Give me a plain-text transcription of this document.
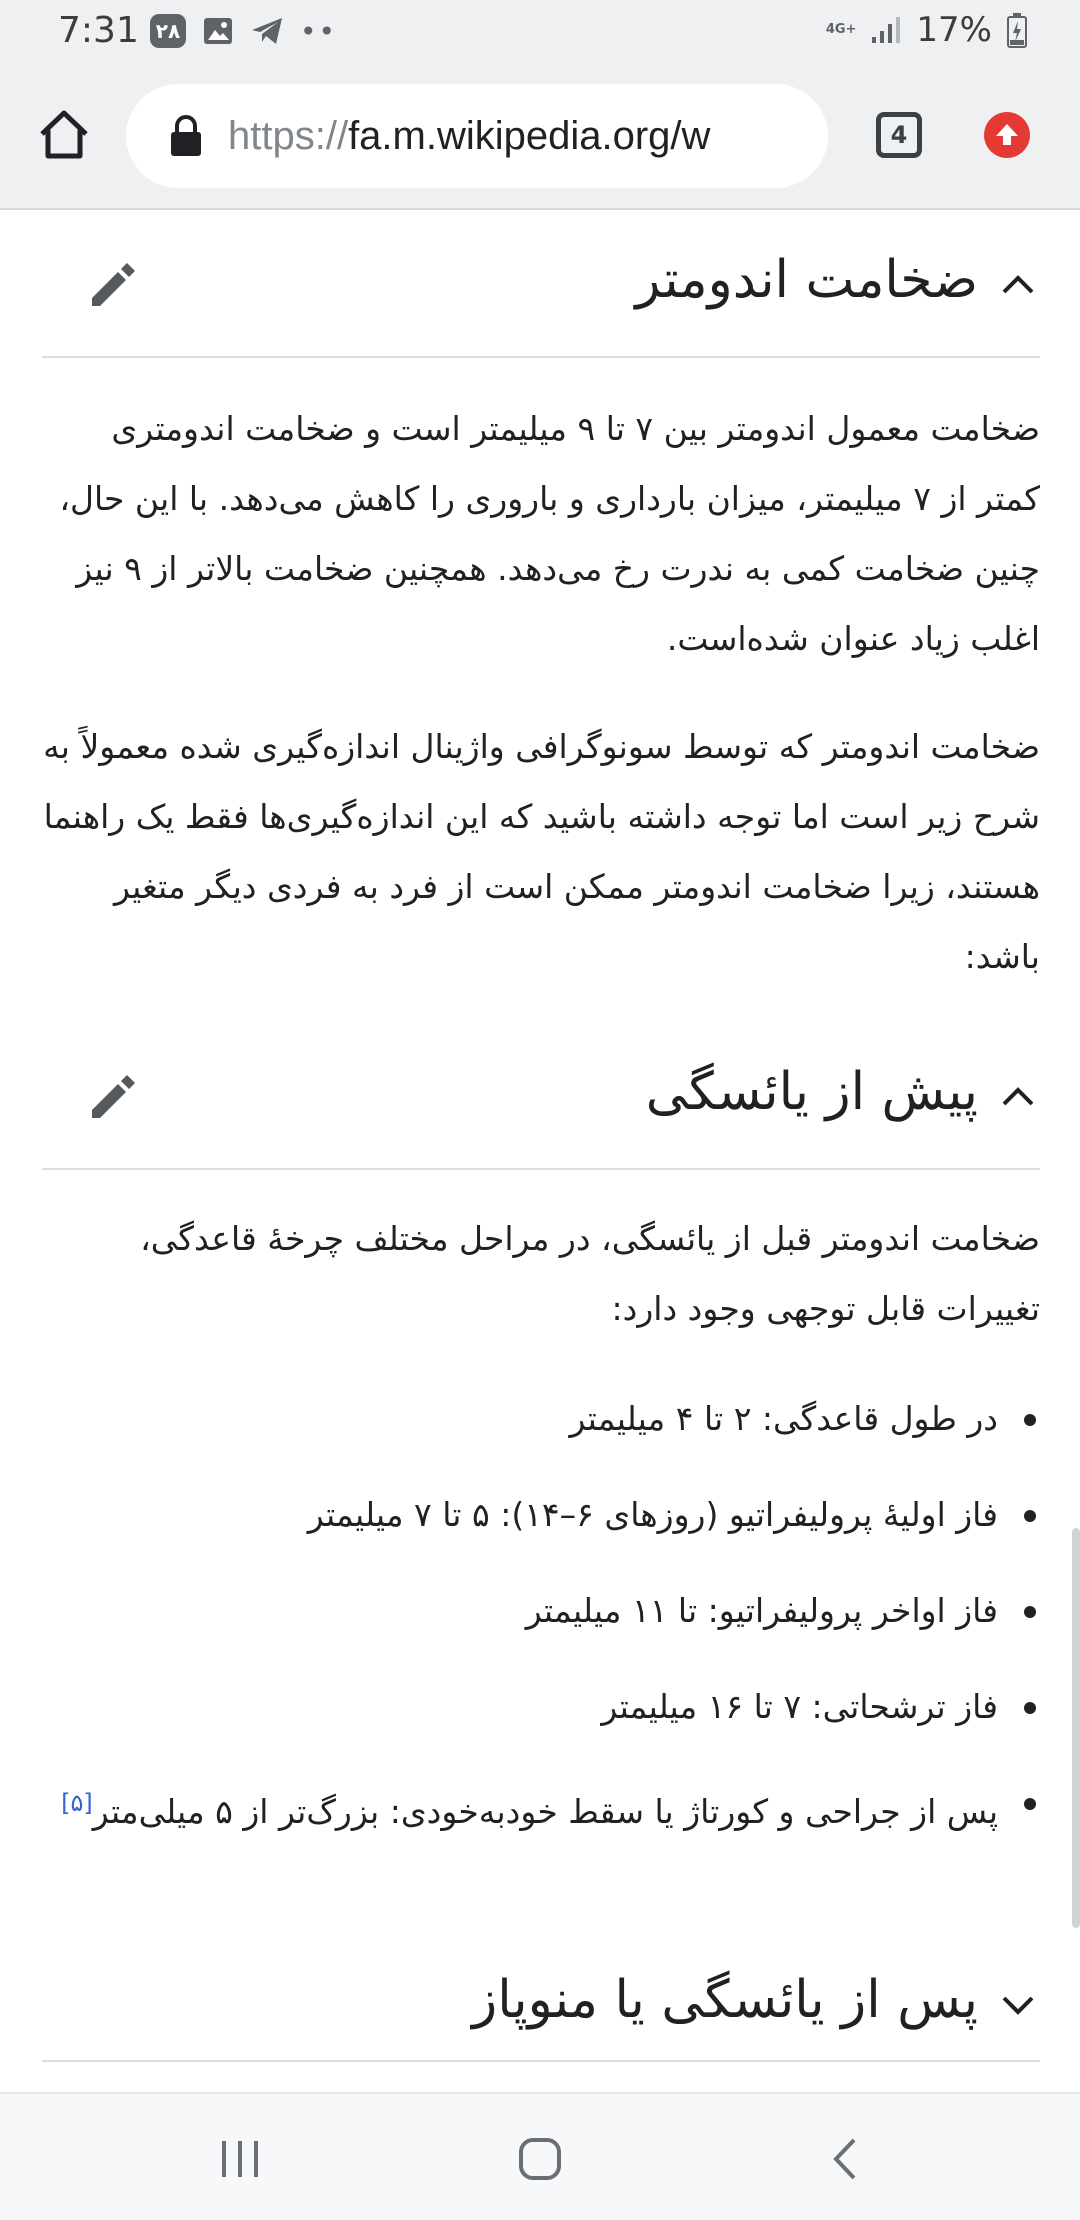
7:31 ۲۸	••	4G+ 17%
https://fa.m.wikipedia.org/w	4
ضخامت اندومتر

ضخامت معمول اندومتر بین ۷ تا ۹ میلیمتر است و ضخامت اندومتری کمتر از ۷ میلیمتر، میزان بارداری و باروری را کاهش می‌دهد. با این حال، چنین ضخامت کمی به ندرت رخ می‌دهد. همچنین ضخامت بالاتر از ۹ نیز اغلب زیاد عنوان شده‌است.

ضخامت اندومتر که توسط سونوگرافی واژینال اندازه‌گیری شده معمولاً به شرح زیر است اما توجه داشته باشید که این اندازه‌گیری‌ها فقط یک راهنما هستند، زیرا ضخامت اندومتر ممکن است از فرد به فردی دیگر متغیر باشد:

پیش از یائسگی

ضخامت اندومتر قبل از یائسگی، در مراحل مختلف چرخهٔ قاعدگی، تغییرات قابل توجهی وجود دارد:

در طول قاعدگی: ۲ تا ۴ میلیمتر
فاز اولیهٔ پرولیفراتیو (روزهای ۶–۱۴): ۵ تا ۷ میلیمتر
فاز اواخر پرولیفراتیو: تا ۱۱ میلیمتر
فاز ترشحاتی: ۷ تا ۱۶ میلیمتر
پس از جراحی و کورتاژ یا سقط خودبه‌خودی: بزرگ‌تر از ۵ میلی‌متر[۵]
پس از یائسگی یا منوپاز
